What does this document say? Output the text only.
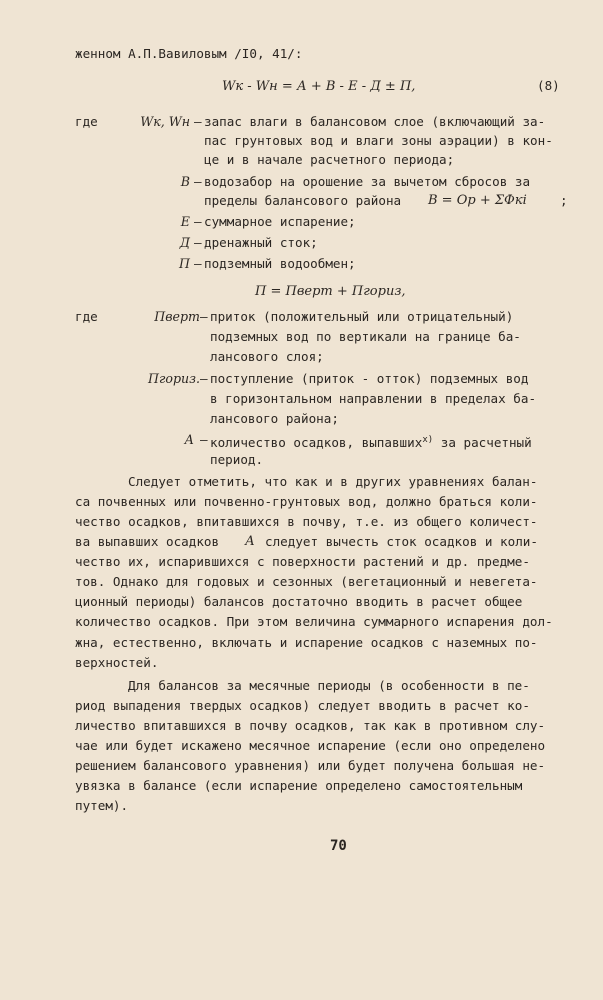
женном А.П.Вавиловым /I0, 41/:
Wк - Wн = А + В - Е - Д ± П,	(8)
где	Wк, Wн – запас влаги в балансовом слое (включающий за-
пас грунтовых вод и влаги зоны аэрации) в кон-
це и в начале расчетного периода;
В – водозабор на орошение за вычетом сбросов за
пределы балансового района В = Ор + ΣФкi	;
Е – суммарное испарение;
Д – дренажный сток;
П – подземный водообмен;
П = Пверт + Пгориз,
где	Пверт – приток (положительный или отрицательный)
подземных вод по вертикали на границе ба-
лансового слоя;
Пгориз. – поступление (приток - отток) подземных вод
в горизонтальном направлении в пределах ба-
лансового района;
А – количество осадков, выпавших$^{x)}$ за расчетный
период.
Следует отметить, что как и в других уравнениях балан-
са почвенных или почвенно-грунтовых вод, должно браться коли-
чество осадков, впитавшихся в почву, т.е. из общего количест-
ва выпавших осадков А следует вычесть сток осадков и коли-
чество их, испарившихся с поверхности растений и др. предме-
тов. Однако для годовых и сезонных (вегетационный и невегета-
ционный периоды) балансов достаточно вводить в расчет общее
количество осадков. При этом величина суммарного испарения дол-
жна, естественно, включать и испарение осадков с наземных по-
верхностей.
Для балансов за месячные периоды (в особенности в пе-
риод выпадения твердых осадков) следует вводить в расчет ко-
личество впитавшихся в почву осадков, так как в противном слу-
чае или будет искажено месячное испарение (если оно определено
решением балансового уравнения) или будет получена большая не-
увязка в балансе (если испарение определено самостоятельным
путем).
70
